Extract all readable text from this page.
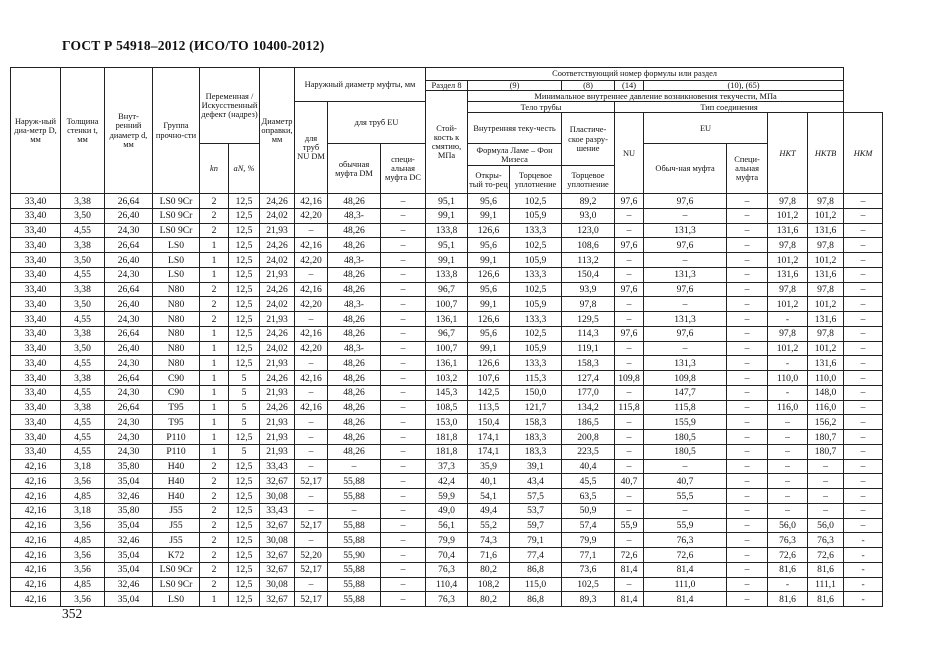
ГОСТ Р 54918–2012 (ИСО/ТО 10400-2012)
Наруж-ный диа-метр D, мм	Толщина стенки t, мм	Внут-ренний диаметр d, мм	Группа прочно-сти	Переменная /Искусственный дефект (надрез)		Диаметр оправки, мм	Наружный диаметр муфты, мм			Соответствующий номер формулы или раздел									
										Раздел 8	(9)		(8)	(14)	(10), (65)				
										Стой-кость к смятию, МПа	Минимальное внутреннее давление возникновения текучести, МПа								
							для труб NU DM	для труб EU			Тело трубы			Тип соединения					
											Внутренняя теку-честь		Пластиче-ское разру-шение	NU	EU		НКТ	НКТВ	НКМ

				kn	aN, %			обычная муфта DM	специ-альная муфта DC		Формула Ламе – Фон Мизеса				Обыч-ная муфта	Специ-альная муфта			
											Откры-тый то-рец	Торцевое уплотнение	Торцевое уплотнение						
33,40	3,38	26,64	LS0 9Cr	2	12,5	24,26	42,16	48,26	–	95,1	95,6	102,5	89,2	97,6	97,6	–	97,8	97,8	–
33,40	3,50	26,40	LS0 9Cr	2	12,5	24,02	42,20	48,3-	–	99,1	99,1	105,9	93,0	–	–	–	101,2	101,2	–
33,40	4,55	24,30	LS0 9Cr	2	12,5	21,93	–	48,26	–	133,8	126,6	133,3	123,0	–	131,3	–	131,6	131,6	–
33,40	3,38	26,64	LS0	1	12,5	24,26	42,16	48,26	–	95,1	95,6	102,5	108,6	97,6	97,6	–	97,8	97,8	–
33,40	3,50	26,40	LS0	1	12,5	24,02	42,20	48,3-	–	99,1	99,1	105,9	113,2	–	–	–	101,2	101,2	–
33,40	4,55	24,30	LS0	1	12,5	21,93	–	48,26	–	133,8	126,6	133,3	150,4	–	131,3	–	131,6	131,6	–
33,40	3,38	26,64	N80	2	12,5	24,26	42,16	48,26	–	96,7	95,6	102,5	93,9	97,6	97,6	–	97,8	97,8	–
33,40	3,50	26,40	N80	2	12,5	24,02	42,20	48,3-	–	100,7	99,1	105,9	97,8	–	–	–	101,2	101,2	–
33,40	4,55	24,30	N80	2	12,5	21,93	–	48,26	–	136,1	126,6	133,3	129,5	–	131,3	–	-	131,6	–
33,40	3,38	26,64	N80	1	12,5	24,26	42,16	48,26	–	96,7	95,6	102,5	114,3	97,6	97,6	–	97,8	97,8	–
33,40	3,50	26,40	N80	1	12,5	24,02	42,20	48,3-	–	100,7	99,1	105,9	119,1	–	–	–	101,2	101,2	–
33,40	4,55	24,30	N80	1	12,5	21,93	–	48,26	–	136,1	126,6	133,3	158,3	–	131,3	–	-	131,6	–
33,40	3,38	26,64	C90	1	5	24,26	42,16	48,26	–	103,2	107,6	115,3	127,4	109,8	109,8	–	110,0	110,0	–
33,40	4,55	24,30	C90	1	5	21,93	–	48,26	–	145,3	142,5	150,0	177,0	–	147,7	–	-	148,0	–
33,40	3,38	26,64	T95	1	5	24,26	42,16	48,26	–	108,5	113,5	121,7	134,2	115,8	115,8	–	116,0	116,0	–
33,40	4,55	24,30	T95	1	5	21,93	–	48,26	–	153,0	150,4	158,3	186,5	–	155,9	–	–	156,2	–
33,40	4,55	24,30	P110	1	12,5	21,93	–	48,26	–	181,8	174,1	183,3	200,8	–	180,5	–	–	180,7	–
33,40	4,55	24,30	P110	1	5	21,93	–	48,26	–	181,8	174,1	183,3	223,5	–	180,5	–	–	180,7	–
42,16	3,18	35,80	H40	2	12,5	33,43	–	–	–	37,3	35,9	39,1	40,4	–	–	–	–	–	–
42,16	3,56	35,04	H40	2	12,5	32,67	52,17	55,88	–	42,4	40,1	43,4	45,5	40,7	40,7	–	–	–	–
42,16	4,85	32,46	H40	2	12,5	30,08	–	55,88	–	59,9	54,1	57,5	63,5	–	55,5	–	–	–	–
42,16	3,18	35,80	J55	2	12,5	33,43	–	–	–	49,0	49,4	53,7	50,9	–	–	–	–	–	–
42,16	3,56	35,04	J55	2	12,5	32,67	52,17	55,88	–	56,1	55,2	59,7	57,4	55,9	55,9	–	56,0	56,0	–
42,16	4,85	32,46	J55	2	12,5	30,08	–	55,88	–	79,9	74,3	79,1	79,9	–	76,3	–	76,3	76,3	-
42,16	3,56	35,04	K72	2	12,5	32,67	52,20	55,90	–	70,4	71,6	77,4	77,1	72,6	72,6	–	72,6	72,6	-
42,16	3,56	35,04	LS0 9Cr	2	12,5	32,67	52,17	55,88	–	76,3	80,2	86,8	73,6	81,4	81,4	–	81,6	81,6	-
42,16	4,85	32,46	LS0 9Cr	2	12,5	30,08	–	55,88	–	110,4	108,2	115,0	102,5	–	111,0	–	-	111,1	-
42,16	3,56	35,04	LS0	1	12,5	32,67	52,17	55,88	–	76,3	80,2	86,8	89,3	81,4	81,4	–	81,6	81,6	-
352
